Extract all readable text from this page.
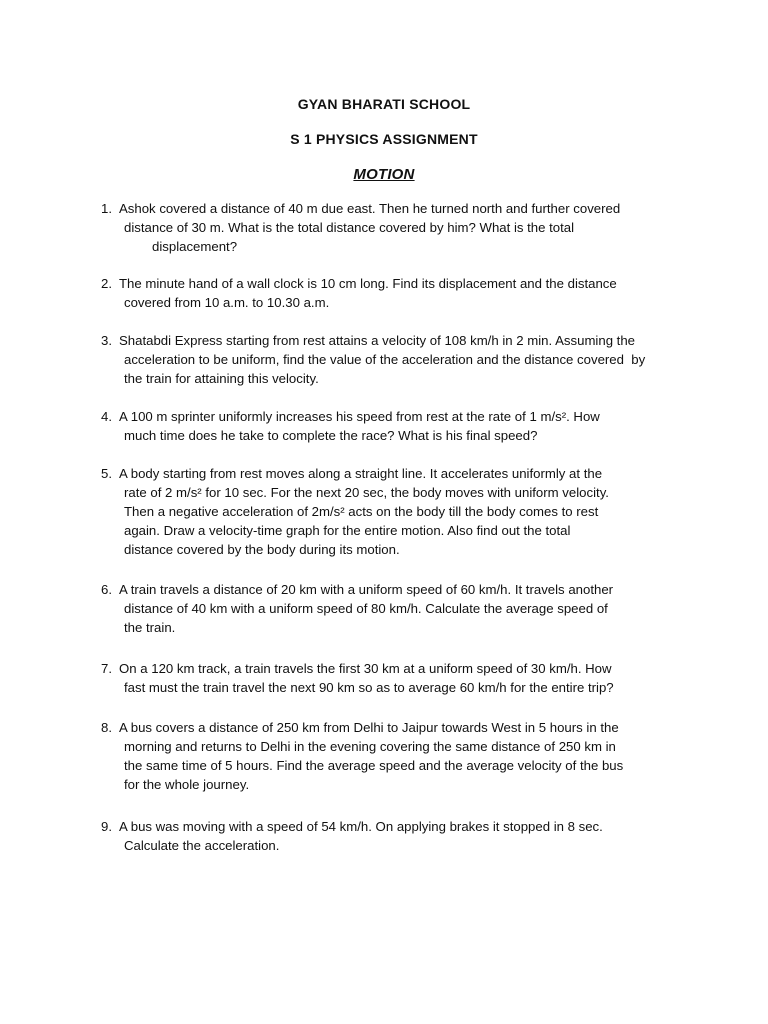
GYAN BHARATI SCHOOL
S 1 PHYSICS ASSIGNMENT
MOTION
1. Ashok covered a distance of 40 m due east. Then he turned north and further covered
distance of 30 m. What is the total distance covered by him? What is the total
displacement?
2. The minute hand of a wall clock is 10 cm long. Find its displacement and the distance
covered from 10 a.m. to 10.30 a.m.
3. Shatabdi Express starting from rest attains a velocity of 108 km/h in 2 min. Assuming the
acceleration to be uniform, find the value of the acceleration and the distance covered  by
the train for attaining this velocity.
4. A 100 m sprinter uniformly increases his speed from rest at the rate of 1 m/s². How
much time does he take to complete the race? What is his final speed?
5. A body starting from rest moves along a straight line. It accelerates uniformly at the
rate of 2 m/s² for 10 sec. For the next 20 sec, the body moves with uniform velocity.
Then a negative acceleration of 2m/s² acts on the body till the body comes to rest
again. Draw a velocity-time graph for the entire motion. Also find out the total
distance covered by the body during its motion.
6. A train travels a distance of 20 km with a uniform speed of 60 km/h. It travels another
distance of 40 km with a uniform speed of 80 km/h. Calculate the average speed of
the train.
7. On a 120 km track, a train travels the first 30 km at a uniform speed of 30 km/h. How
fast must the train travel the next 90 km so as to average 60 km/h for the entire trip?
8. A bus covers a distance of 250 km from Delhi to Jaipur towards West in 5 hours in the
morning and returns to Delhi in the evening covering the same distance of 250 km in
the same time of 5 hours. Find the average speed and the average velocity of the bus
for the whole journey.
9. A bus was moving with a speed of 54 km/h. On applying brakes it stopped in 8 sec.
Calculate the acceleration.
